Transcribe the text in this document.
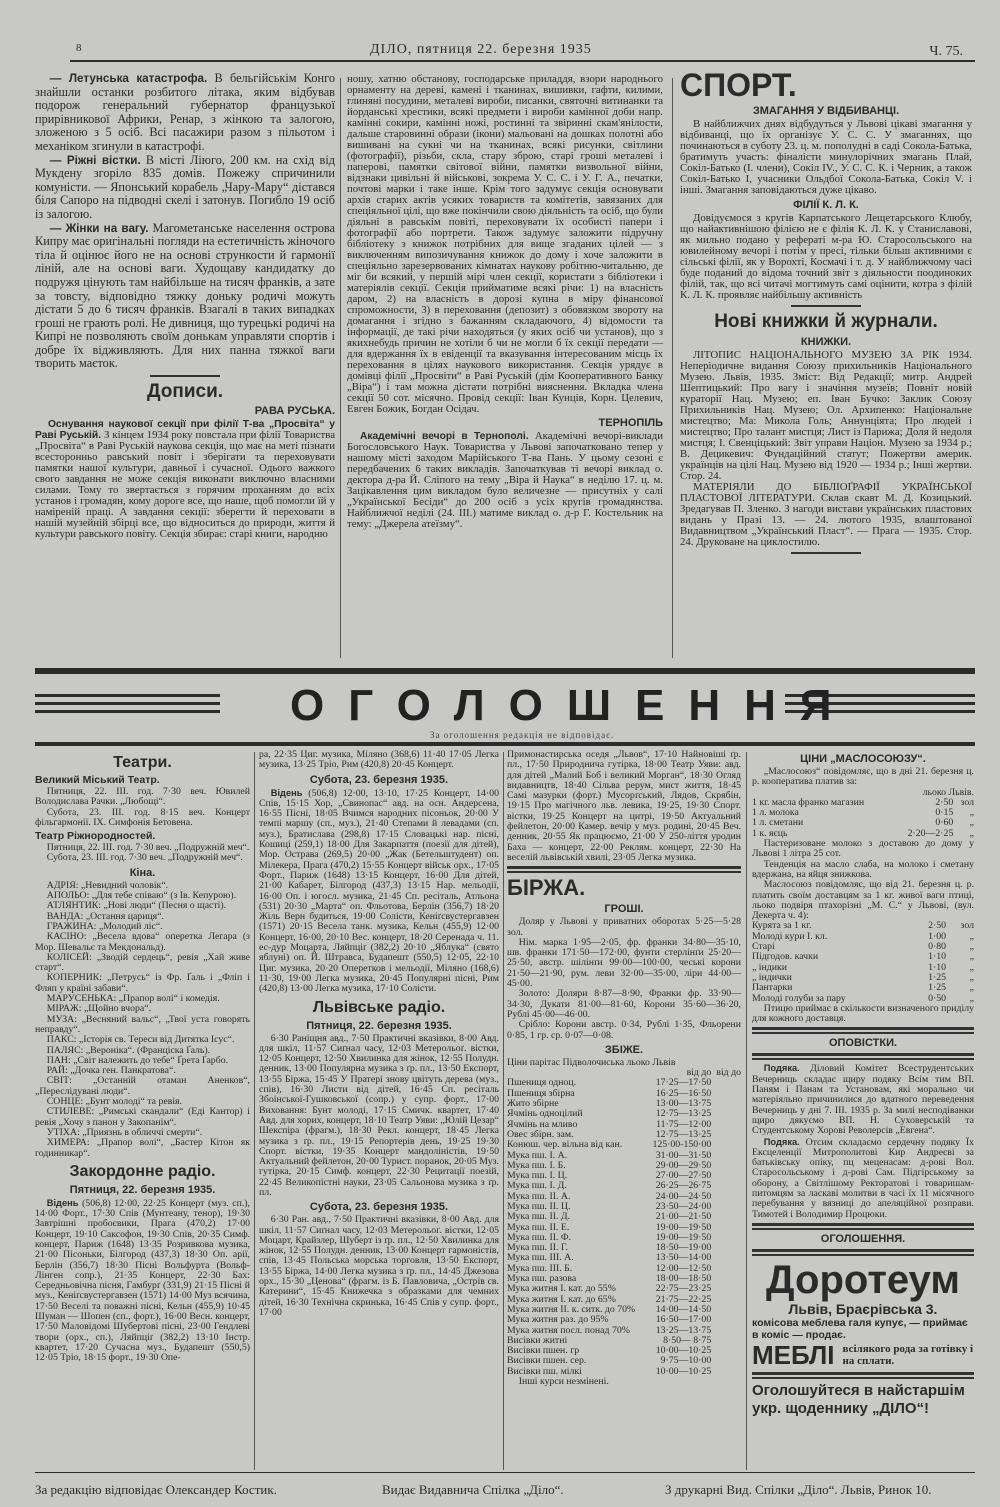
8	ДІЛО, пятниця 22. березня 1935	Ч. 75.

— Летунська катастрофа. В бельгійськім Конго знайшли останки розбитого літака, яким відбував подорож генеральний губернатор французької прирівникової Африки, Ренар, з жінкою та залогою, зложеною з 5 осіб. Всі пасажири разом з пільотом і механіком згинули в катастрофі.

— Ріжні вістки. В місті Ліюго, 200 км. на схід від Мукдену згоріло 835 домів. Пожежу спричинили комуністи. — Японський корабель „Чару-Мару“ дістався біля Сапоро на підводні скелі і затонув. Погибло 19 осіб із залогою.

— Жінки на вагу. Магометанське населення острова Кипру має оригінальні погляди на естетичність жіночого тіла й оцінює його не на основі стрункости й гармонії ліній, але на основі ваги. Худощаву кандидатку до подружя цінують там найбільше на тисяч франків, а зате за товсту, відповідно тяжку доньку родичі можуть дістати 5 до 6 тисяч франків. Взагалі в таких випадках гроші не грають ролі. Не дивниця, що турецькі родичі на Кипрі не позволяють своїм донькам управляти спортів і добре їх відживляють. Для них панна тяжкої ваги творить маєток.

Дописи.
РАВА РУСЬКА.

Оснування наукової секції при філії Т-ва „Просвіта“ у Раві Руській. З кінцем 1934 року повстала при філії Товариства „Просвіта“ в Раві Руській наукова секція, що має на меті пізнати всесторонньо равський повіт і зберігати та переховувати памятки нашої культури, давньої і сучасної. Одього важкого свого завдання не може секція виконати виключно власними силами. Тому то звертається з горячим проханням до всіх установ і громадян, кому дороге все, що наше, щоб помогли їй у наміреній праці. А завдання секції: зберегти й переховати в нашій музейній збірці все, що відноситься до природи, життя й культури равського повіту. Секція збирає: старі книги, народню

ношу, хатню обстанову, господарське приладдя, взори народнього орнаменту на дереві, камені і тканинах, вишивки, гафти, килими, глиняні посудини, металеві вироби, писанки, святочні витинанки та йорданські хрестики, всякі предмети і вироби камінної доби напр. камінні сокири, камінні ножі, ростинні та звіринні скам'янілости, дальше старовинні образи (ікони) мальовані на дошках полотні або вишивані на сукні чи на тканинах, всякі рисунки, світлини (фотографії), різьби, скла, стару зброю, старі гроші металеві і паперові, памятки світової війни, памятки визвольної війни, відзнаки цивільні й військові, зокрема У. С. С. і У. Г. А., печатки, почтові марки і таке інше. Крім того задумує секція основувати архів старих актів усяких товариств та комітетів, завязаних для спеціяльної цілі, що вже покінчили свою діяльність та осіб, що були діяльні в равськім повіті, переховувати їх особисті папери і фотографії або портрети. Також задумує заложити підручну бібліотеку з книжок потрібних для вище згаданих цілей — з виключенням випозичування книжок до дому і хоче заложити в спеціяльно зарезервованих кімнатах наукову робітню-читальню, де міг би всякий, у першій мірі член секції, користати з бібліотеки і матеріялів секції. Секція прийматиме всякі річи: 1) на власність даром, 2) на власність в дорозі купна в міру фінансової спроможности, 3) в переховання (депозит) з обовязком звороту на домагання і згідно з бажанням складаючого, 4) відомости та інформації, де такі річи находяться (у яких осіб чи установ), що з якихнебудь причин не хотіли б чи не могли б їх секції передати — для вдержання їх в евіденції та вказування інтересованим місць їх переховання в цілях наукового використання. Секція урядує в домівці філії „Просвіти“ в Раві Руській (дім Кооперативного Банку „Віра“) і там можна дістати потрібні вияснення. Вкладка члена секції 50 сот. місячно. Провід секції: Іван Кунців, Корн. Целевич, Евген Божик, Богдан Осідач.

ТЕРНОПІЛЬ

Академічні вечорі в Тернополі. Академічні вечорі-виклади Богословського Наук. Товариства у Львові започатковано тепер у нашому місті заходом Марійського Т-ва Пань. У цьому сезоні є передбачених 6 таких викладів. Започаткував ті вечорі виклад о. дектора д-ра Й. Сліпого на тему „Віра й Наука“ в неділю 17. ц. м. Зацікавлення цим викладом було величезне — присутніх у салі „Української Бесіди“ до 200 осіб з усіх кругів громадянства. Найближчої неділі (24. III.) матиме виклад о. д-р Г. Костельник на тему: „Джерела атеїзму“.

СПОРТ.
ЗМАГАННЯ У ВІДБИВАНЦІ.

В найближчих днях відбудуться у Львові цікаві змагання у відбиванці, що їх організує У. С. С. У змаганнях, що починаються в суботу 23. ц. м. пополудні в саді Сокола-Батька, братимуть участь: фіналісти минулорічних змагань Плай, Сокіл-Батько (І. члени), Сокіл IV., У. С. С. К. і Черник, а також Сокіл-Батько І, учасники Ольдбої Сокола-Батька, Сокіл V. і інші. Змагання заповідаються дуже цікаво.

ФІЛІЇ К. Л. К.

Довідуємося з кругів Карпатського Лещетарського Клюбу, що найактивнішою філією не є філія К. Л. К. у Станиславові, як мильно подано у рефераті м-ра Ю. Старосольського на ювилейному вечорі і потім у пресі, тільки більш активними є сільські філії, як у Ворохті, Космачі і т. д. У найближчому часі буде поданий до відома точний звіт з діяльности поодиноких філій, так, що всі читачі могтимуть самі оцінити, котра з філій К. Л. К. проявляє найбільшу активність

Нові книжки й журнали.
КНИЖКИ.

ЛІТОПИС НАЦІОНАЛЬНОГО МУЗЕЮ ЗА РІК 1934. Неперіодичне видання Союзу прихильників Національного Музею. Львів, 1935. Зміст: Від Редакції; митр. Андрей Шептицький: Про вагу і значіння музеїв; Повніт новій кураторії Нац. Музею; еп. Іван Бучко: Заклик Союзу Прихильників Нац. Музею; Ол. Архипенко: Національне мистецтво; Ма: Микола Голь; Аннунціята; Про людей і мистецтво; Про талант мистця; Лист із Парижа; Доля й недоля мистця; І. Свенціцький: Звіт управи Націон. Музею за 1934 р.; В. Децикевич: Фундаційний статут; Пожертви америк. українців на цілі Нац. Музею від 1920 — 1934 р.; Інші жертви. Стор. 24.

МАТЕРІЯЛИ ДО БІБЛІОҐРАФІЇ УКРАЇНСЬКОЇ ПЛАСТОВОЇ ЛІТЕРАТУРИ. Склав скавт М. Д. Козицький. Зредагував П. Зленко. З нагоди вистави українських пластових видань у Празі 13. — 24. лютого 1935, влаштованої Видавництвом „Український Пласт“. — Прага — 1935. Стор. 24. Друковане на циклостилю.

ОГОЛОШЕННЯ
За оголошення редакція не відповідає.
Театри.
Великий Міський Театр.

Пятниця, 22. III. год. 7·30 веч. Ювилей Володислава Рачки. „Любощі“.

Субота, 23. III. год. 8·15 веч. Концерт фільгармонії. IX. Симфонія Бетовена.

Театр Ріжнородностей.

Пятниця, 22. III. год. 7·30 веч. „Подружній меч“.

Субота, 23. III. год. 7·30 веч. „Подружній меч“.

Кіна.

АДРІЯ: „Невидний чоловік“.

АПОЛЬО: „Для тебе співаю“ (з Ів. Кепурою).

АТЛЯНТИК: „Нові люди“ (Песня о щасті).

ВАНДА: „Остання цариця“.

ГРАЖИНА: „Молодий ліс“.

КАСІНО: „Весела вдова“ оперетка Легара (з Мор. Шевальє та Мекдональд).

КОЛІСЕЙ: „Зводій сердець“, ревія „Хай живе старт“.

КОПЕРНИК: „Петрусь“ із Фр. Ґаль і „Фліп і Фляп у країні забави“.

МАРУСЕНЬКА: „Прапор волі“ і комедія.

МІРАЖ: „Щойно вчора“.

МУЗА: „Весняний вальс“, „Твої уста говорять неправду“.

ПАКС: „Історія св. Тереси від Дитятка Ісус“.

ПАЛЯС: „Вероніка“. (Франціска Ґаль).

ПАН: „Світ належить до тебе“ Ґрета Ґарбо.

РАЙ: „Дочка ген. Панкратова“.

СВІТ: „Останній отаман Аненков“, „Переслідувані люди“.

СОНЦЕ: „Бунт молоді“ та ревія.

СТИЛЕВЕ: „Римські скандали“ (Еді Кантор) і ревія „Хочу з панон у Закопанім“.

УТІХА: „Приязнь в обличчі смерти“.

ХИМЕРА: „Прапор волі“, „Бастер Кітон як годинникар“.

Закордонне радіо.
Пятниця, 22. березня 1935.

Відень (506,8) 12·00, 22·25 Концерт (муз. сп.), 14·00 Форт., 17·30 Спів (Мунтеану, тенор), 19·30 Завтрішні пробоєвики, Прага (470,2) 17·00 Концерт, 19·10 Саксофон, 19·30 Спів, 20·35 Симф. концерт, Париж (1648) 13·35 Розривкова музика, 21·00 Пісоньки, Білгород (437,3) 18·30 Оп. арії, Берлін (356,7) 18·30 Пісні Вольфурта (Вольф-Лінген сопр.), 21·35 Концерт, 22·30 Бах: Середньовічна пісня, Гамбурґ (331,9) 21·15 Пісні й муз., Кеніґсвустергавзен (1571) 14·00 Муз всячина, 17·50 Веселі та поважні пісні, Кельн (455,9) 10·45 Шуман — Шопен (сп., форт.), 16·00 Весн. концерт, 17·50 Маловідомі Шубертові пісні, 23·00 Гендлеві твори (орх., сп.), Ляйпціґ (382,2) 13·10 Інстр. квартет, 17·20 Сучасна муз., Будапешт (550,5) 12·05 Тріо, 18·15 форт., 19·30 Опе-

ра, 22·35 Циг. музика, Міляно (368,6) 11·40 17·05 Легка музика, 13·25 Тріо, Рим (420,8) 20·45 Концерт.

Субота, 23. березня 1935.

Відень (506,8) 12·00, 13·10, 17·25 Концерт, 14·00 Спів, 15·15 Хор, „Свинопас“ авд. на осн. Андерсена, 16·55 Пісні, 18·05 Вчимся народних пісоньок, 20·00 У темпі маршу (сп., муз.), 21·40 Степами й левадами (сп. муз.), Братислава (298,8) 17·15 Словацькі нар. пісні, Кошиці (259,1) 18·00 Для Закарпаття (поезії для дітей), Мор. Острава (269,5) 20·00 „Жак (Бетельштудент) оп. Мілекера, Прага (470,2) 15·55 Концерт військ орх., 17·05 Форт., Париж (1648) 13·15 Концерт, 16·00 Для дітей, 21·00 Кабарет, Білгород (437,3) 13·15 Нар. мельодії, 16·00 Оп. і югосл. музика, 21·45 Сп. ресіталь, Атльона (531) 20·30 „Марта“ оп. Фльотова, Берлін (356,7) 18·20 Жіль Верн будиться, 19·00 Солісти, Кеніґсвустергавзен (1571) 20·15 Весела танк. музика, Кельн (455,9) 12·00 Концерт, 16·00, 20·10 Вес. концерт, 18·20 Серенада ч. 11. ес-дур Моцарта, Ляйпціґ (382,2) 20·10 „Яблука“ (свято яблуні) оп. Й. Штравса, Будапешт (550,5) 12·05, 22·10 Циг. музика, 20·20 Оперетков і мельодії, Міляно (168,6) 11·30, 19·00 Легка музика, 20·45 Популярні пісні, Рим (420,8) 13·00 Легка музика, 17·10 Солісти.

Львівське радіо.
Пятниця, 22. березня 1935.

6·30 Раніщня авд., 7·50 Практичні вказівки, 8·00 Авд. для шкіл, 11·57 Сиґнал часу, 12·03 Метерольоґ. вістки, 12·05 Концерт, 12·50 Хвилинка для жінок, 12·55 Полудн. денник, 13·00 Популярна музика з ґр. пл., 13·50 Експорт, 13·55 Біржа, 15·45 У Пратері знову цвітуть дерева (муз., спів), 16·30 Листи від дітей, 16·45 Сп. ресіталь Збоінської-Гушковської (сопр.) у супр. форт., 17·00 Виховання: Бунт молоді, 17·15 Смичк. квартет, 17·40 Авд. для хорих, концерт, 18·10 Театр Уяви: „Юлій Цезар“ Шекспіра (фрагм.), 18·30 Рекл. концерт, 18·45 Легка музика з ґр. пл., 19·15 Репортерів день, 19·25 19·30 Спорт. вістки, 19·35 Концерт мандоліністів, 19·50 Актуальний фейлетон, 20·00 Турист. поранок, 20·05 Муз. гутірка, 20·15 Симф. концерт, 22·30 Рецитації поезій, 22·45 Великопістні науки, 23·05 Сальонова музика з ґр. пл.

Субота, 23. березня 1935.

6·30 Ран. авд., 7·50 Практичні вказівки, 8·00 Авд. для шкіл, 11·57 Сиґнал часу, 12·03 Метерольоґ. вістки, 12·05 Моцарт, Крайзлер, Шуберт із ґр. пл., 12·50 Хвилинка для жінок, 12·55 Полудн. денник, 13·00 Концерт гармоністів, спів, 13·45 Польська морська торговля, 13·50 Експорт, 13·55 Біржа, 14·00 Легка музика з ґр. пл., 14·45 Джезова орх., 15·30 „Ценова“ (фрагм. із Б. Павловича, „Острів св. Катерини“, 15·45 Книжечка з образками для чемних дітей, 16·30 Технічна скринька, 16·45 Спів у супр. форт., 17·00

Примонастирська оседя „Львов“, 17·10 Найновіші ґр. пл., 17·50 Природнича гутірка, 18·00 Театр Уяви: авд. для дітей „Малий Боб і великий Морган“, 18·30 Огляд видавництв, 18·40 Сільва рерум, мист життя, 18·45 Самі мазурки (форт.) Мусорґський, Лядов, Скрябін, 19·15 Про магічного льв. левика, 19·25, 19·30 Спорт. вістки, 19·25 Концерт на цитрі, 19·50 Актуальний фейлетон, 20·00 Камер. вечір у муз. родині, 20·45 Веч. денник, 20·55 Як працюємо, 21·00 У 250-ліття уродин Баха — концерт, 22·00 Реклям. концерт, 22·30 На веселій львівській хвилі, 23·05 Легка музика.

БІРЖА.
ГРОШІ.

Доляр у Львові у приватних оборотах 5·25—5·28 зол.

Нім. марка 1·95—2·05, фр. франки 34·80—35·10, шв. франки 171·50—172·00, фунти стерлінґи 25·20—25·50, австр. шілінґи 99·00—100·00, чеські корони 21·50—21·90, рум. леви 32·00—35·00, ліри 44·00—45·00.

Золото: Доляри 8·87—8·90, Франки фр. 33·90—34·30, Дукати 81·00—81·60, Корони 35·60—36·20, Рублі 45·00—46·00.

Срібло: Корони австр. 0·34, Рублі 1·35, Фльорени 0·85, 1 гр. ср. 0·07—0·08.

ЗБІЖЕ.

Ціни парітас Підволочиська льоко Львів

	від до	від до
Пшениця одноц.	17·25—17·50	
Пшениця збірна	16·25—16·50	
Жито збірне	13·00—13·75	
Ячмінь одноцілий	12·75—13·25	
Ячмінь на мливо	11·75—12·00	
Овес збірн. зам.	12·75—13·25	
Конюш. чер. вільна від кан.	125·00-150·00	
Мука пш. І. А.	31·00—31·50	
Мука пш. І. Б.	29·00—29·50	
Мука пш. І. Ц.	27·00—27·50	
Мука пш. І. Д.	26·25—26·75	
Мука пш. ІІ. А.	24·00—24·50	
Мука пш. ІІ. Ц.	23·50—24·00	
Мука пш. ІІ. Д.	21·00—21·50	
Мука пш. ІІ. Е.	19·00—19·50	
Мука пш. ІІ. Ф.	19·00—19·50	
Мука пш. ІІ. Г.	18·50—19·00	
Мука пш. ІІІ. А.	13·50—14·00	
Мука пш. ІІІ. Б.	12·00—12·50	
Мука пш. разова	18·00—18·50	
Мука житня І. кат. до 55%	22·75—23·25	
Мука житня І. кат. до 65%	21·75—22·25	
Мука житня ІІ. к. ситк. до 70%	14·00—14·50	
Мука житня раз. до 95%	16·50—17·00	
Мука житня посл. понад 70%	13·25—13·75	
Висівки житні	8·50— 8·75	
Висівки пшен. гр	10·00—10·25	
Висівки пшен. сер.	9·75—10·00	
Висівки пш. мілкі	10·00—10·25	

Інші курси незмінені.

ЦІНИ „МАСЛОСОЮЗУ“.

„Маслосоюз“ повідомляє, що в дні 21. березня ц. р. кооператива платив за:

льоко Львів.

1 кг. масла франко магазин	2·50	зол
1 л. молока	0·15	„
1 л. сметани	0·60	„
1 к. яєць	2·20—2·25	„

Пастеризоване молоко з доставою до дому у Львові 1 літра 25 сот.

Тенденція на масло слаба, на молоко і сметану вдержана, на яйця знижкова.

Маслосоюз повідомляє, що від 21. березня ц. р. платить своїм доставцям за 1 кг. живої ваги птиці, льоко подвіря птахорізні „М. С.“ у Львові, (вул. Декерта ч. 4):

Курята за 1 кг.	2·50	зол
Молоді кури І. кл.	1·00	„
Старі	0·80	„
Підгодов. качки	1·10	„
„ індики	1·10	„
„ індички	1·25	„
Пантарки	1·25	„
Молоді голуби за пару	0·50	„

Птицю приймає в скількости визначеного приділу для кожного доставця.

ОПОВІСТКИ.

Подяка. Діловий Комітет Всеструдентських Вечерниць складає щиру подяку Всім тим ВП. Паням і Панам та Установам, які морально чи матеріяльно причинилися до вдатного переведення Вечерниць у дні 7. III. 1935 р. За милі несподіванки щиро дякуємо ВП. Н. Суховерській та Студентському Хорові Револерсів „Евгена“.

Подяка. Отсим складаємо сердечну подяку Їх Ексцеленції Митрополитові Кир Андреєві за батьківську опіку, пц меценасам: д-рові Вол. Старосольському і д-рові Сам. Підгірському за оборону, а Світлішому Ректоратові і товаришам-питомцям за ласкаві молитви в часі їх 11 місячного перебування у вязниці до апеляційної розправи. Тимотей і Володимир Процюки.

ОГОЛОШЕННЯ.
Доротеум
Львів, Браєрівська 3.
комісова меблева галя купує, — приймає в коміс — продає.
МЕБЛІ всілякого рода за готівку і на сплати.
Оголошуйтеся в найстаршім укр. щоденнику „ДІЛО“!
За редакцію відповідає Олександер Костик.	Видає Видавнича Спілка „Діло“.	З друкарні Вид. Спілки „Діло“. Львів, Ринок 10.
